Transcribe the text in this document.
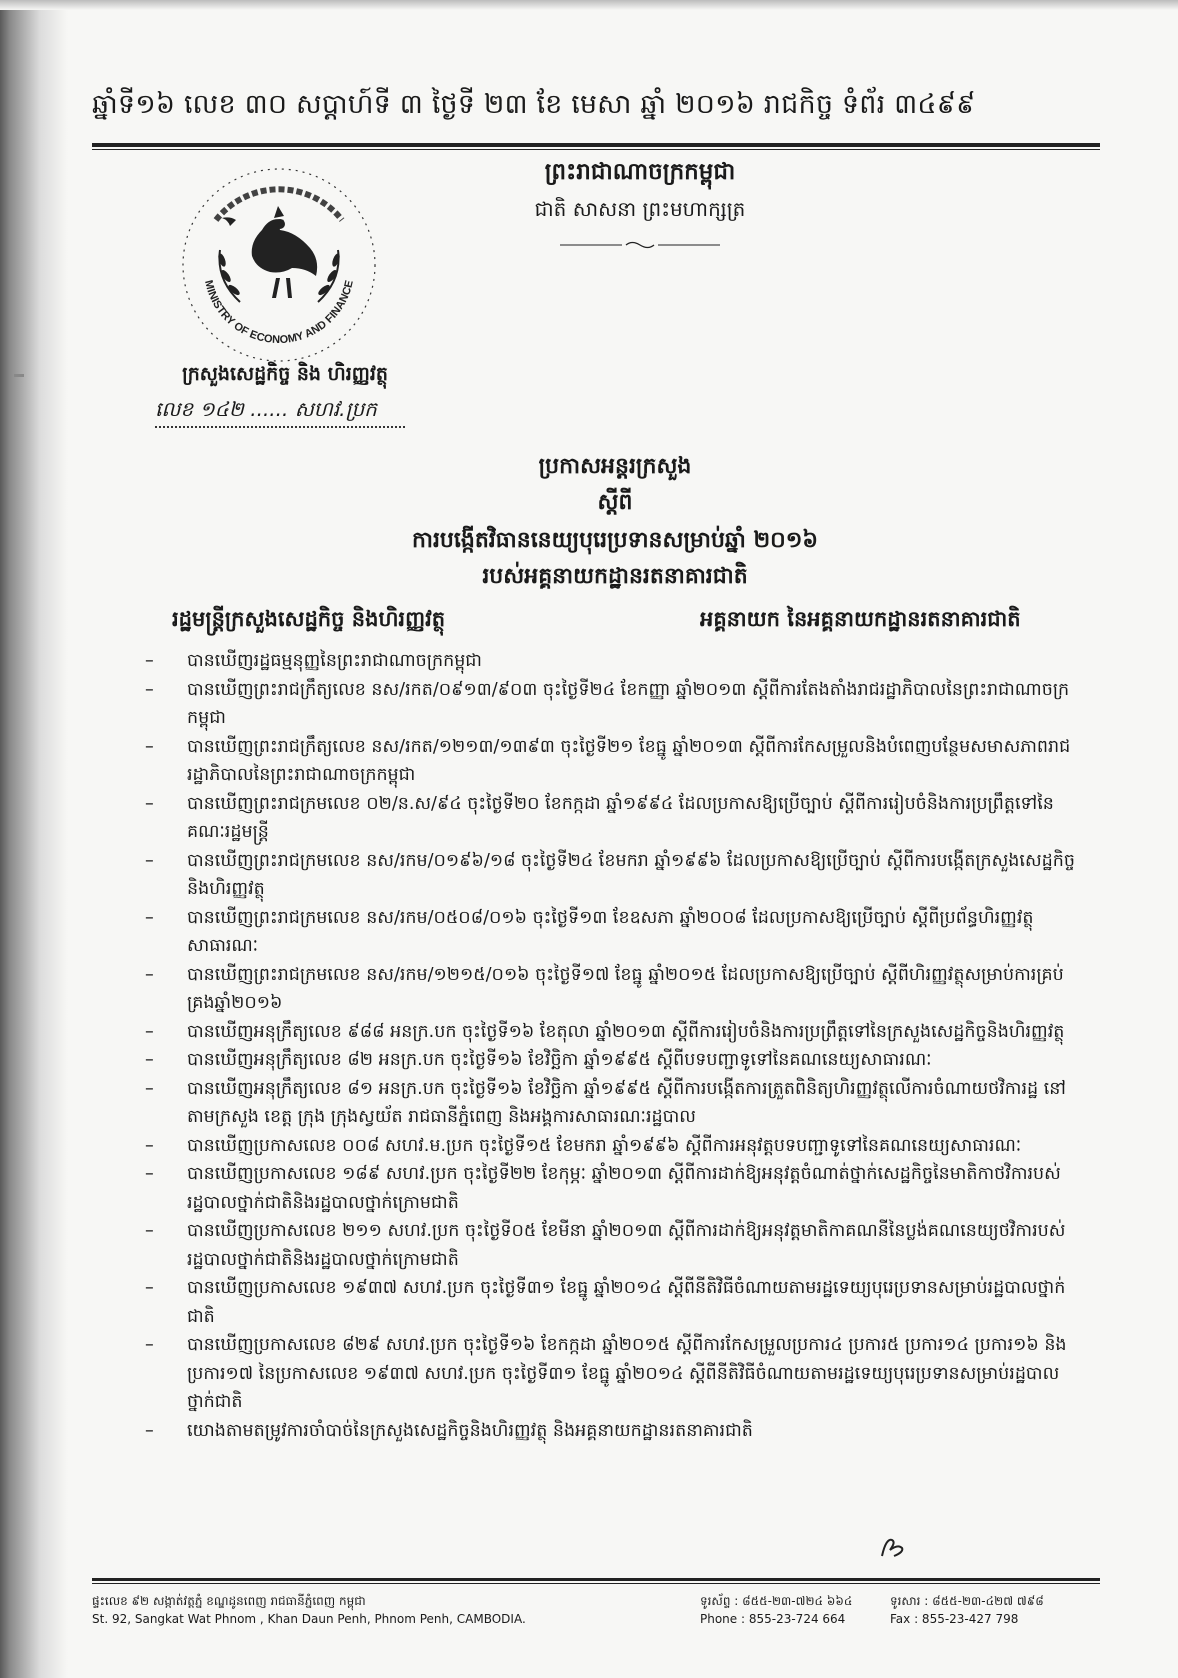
ឆ្នាំទី១៦ លេខ ៣០ សប្តាហ៍ទី ៣ ថ្ងៃទី ២៣ ខែ មេសា ឆ្នាំ ២០១៦ រាជកិច្ច ទំព័រ ៣៤៩៩
MINISTRY OF ECONOMY AND FINANCE
ព្រះរាជាណាចក្រកម្ពុជា
ជាតិ សាសនា ព្រះមហាក្សត្រ
ក្រសួងសេដ្ឋកិច្ច និង ហិរញ្ញវត្ថុ
លេខ ១៤២ ...... សហវ.ប្រក
ប្រកាសអន្តរក្រសួង
ស្តីពី
ការបង្កើតវិធាននេយ្យបុរេប្រទានសម្រាប់ឆ្នាំ ២០១៦
របស់អគ្គនាយកដ្ឋានរតនាគារជាតិ
រដ្ឋមន្ត្រីក្រសួងសេដ្ឋកិច្ច និងហិរញ្ញវត្ថុ	អគ្គនាយក នៃអគ្គនាយកដ្ឋានរតនាគារជាតិ
– បានឃើញរដ្ឋធម្មនុញ្ញនៃព្រះរាជាណាចក្រកម្ពុជា
– បានឃើញព្រះរាជក្រឹត្យលេខ នស/រកត/០៩១៣/៩០៣ ចុះថ្ងៃទី២៤ ខែកញ្ញា ឆ្នាំ២០១៣ ស្តីពីការតែងតាំងរាជរដ្ឋាភិបាលនៃព្រះរាជាណាចក្រកម្ពុជា
– បានឃើញព្រះរាជក្រឹត្យលេខ នស/រកត/១២១៣/១៣៩៣ ចុះថ្ងៃទី២១ ខែធ្នូ ឆ្នាំ២០១៣ ស្តីពីការកែសម្រួលនិងបំពេញបន្ថែមសមាសភាពរាជរដ្ឋាភិបាលនៃព្រះរាជាណាចក្រកម្ពុជា
– បានឃើញព្រះរាជក្រមលេខ ០២/ន.ស/៩៤ ចុះថ្ងៃទី២០ ខែកក្កដា ឆ្នាំ១៩៩៤ ដែលប្រកាសឱ្យប្រើច្បាប់ ស្តីពីការរៀបចំនិងការប្រព្រឹត្តទៅនៃគណៈរដ្ឋមន្ត្រី
– បានឃើញព្រះរាជក្រមលេខ នស/រកម/០១៩៦/១៨ ចុះថ្ងៃទី២៤ ខែមករា ឆ្នាំ១៩៩៦ ដែលប្រកាសឱ្យប្រើច្បាប់ ស្តីពីការបង្កើតក្រសួងសេដ្ឋកិច្ចនិងហិរញ្ញវត្ថុ
– បានឃើញព្រះរាជក្រមលេខ នស/រកម/០៥០៨/០១៦ ចុះថ្ងៃទី១៣ ខែឧសភា ឆ្នាំ២០០៨ ដែលប្រកាសឱ្យប្រើច្បាប់ ស្តីពីប្រព័ន្ធហិរញ្ញវត្ថុសាធារណៈ
– បានឃើញព្រះរាជក្រមលេខ នស/រកម/១២១៥/០១៦ ចុះថ្ងៃទី១៧ ខែធ្នូ ឆ្នាំ២០១៥ ដែលប្រកាសឱ្យប្រើច្បាប់ ស្តីពីហិរញ្ញវត្ថុសម្រាប់ការគ្រប់គ្រងឆ្នាំ២០១៦
– បានឃើញអនុក្រឹត្យលេខ ៩៨៨ អនក្រ.បក ចុះថ្ងៃទី១៦ ខែតុលា ឆ្នាំ២០១៣ ស្តីពីការរៀបចំនិងការប្រព្រឹត្តទៅនៃក្រសួងសេដ្ឋកិច្ចនិងហិរញ្ញវត្ថុ
– បានឃើញអនុក្រឹត្យលេខ ៨២ អនក្រ.បក ចុះថ្ងៃទី១៦ ខែវិច្ឆិកា ឆ្នាំ១៩៩៥ ស្តីពីបទបញ្ជាទូទៅនៃគណនេយ្យសាធារណៈ
– បានឃើញអនុក្រឹត្យលេខ ៨១ អនក្រ.បក ចុះថ្ងៃទី១៦ ខែវិច្ឆិកា ឆ្នាំ១៩៩៥ ស្តីពីការបង្កើតការត្រួតពិនិត្យហិរញ្ញវត្ថុលើការចំណាយថវិការដ្ឋ នៅតាមក្រសួង ខេត្ត ក្រុង ក្រុងស្វយ័ត រាជធានីភ្នំពេញ និងអង្គការសាធារណៈរដ្ឋបាល
– បានឃើញប្រកាសលេខ ០០៨ សហវ.ម.ប្រក ចុះថ្ងៃទី១៥ ខែមករា ឆ្នាំ១៩៩៦ ស្តីពីការអនុវត្តបទបញ្ជាទូទៅនៃគណនេយ្យសាធារណៈ
– បានឃើញប្រកាសលេខ ១៨៩ សហវ.ប្រក ចុះថ្ងៃទី២២ ខែកុម្ភៈ ឆ្នាំ២០១៣ ស្តីពីការដាក់ឱ្យអនុវត្តចំណាត់ថ្នាក់សេដ្ឋកិច្ចនៃមាតិកាថវិការបស់រដ្ឋបាលថ្នាក់ជាតិនិងរដ្ឋបាលថ្នាក់ក្រោមជាតិ
– បានឃើញប្រកាសលេខ ២១១ សហវ.ប្រក ចុះថ្ងៃទី០៥ ខែមីនា ឆ្នាំ២០១៣ ស្តីពីការដាក់ឱ្យអនុវត្តមាតិកាគណនីនៃប្លង់គណនេយ្យថវិការបស់រដ្ឋបាលថ្នាក់ជាតិនិងរដ្ឋបាលថ្នាក់ក្រោមជាតិ
– បានឃើញប្រកាសលេខ ១៩៣៧ សហវ.ប្រក ចុះថ្ងៃទី៣១ ខែធ្នូ ឆ្នាំ២០១៤ ស្តីពីនីតិវិធីចំណាយតាមរដ្ឋទេយ្យបុរេប្រទានសម្រាប់រដ្ឋបាលថ្នាក់ជាតិ
– បានឃើញប្រកាសលេខ ៨២៩ សហវ.ប្រក ចុះថ្ងៃទី១៦ ខែកក្កដា ឆ្នាំ២០១៥ ស្តីពីការកែសម្រួលប្រការ៤ ប្រការ៥ ប្រការ១៤ ប្រការ១៦ និងប្រការ១៧ នៃប្រកាសលេខ ១៩៣៧ សហវ.ប្រក ចុះថ្ងៃទី៣១ ខែធ្នូ ឆ្នាំ២០១៤ ស្តីពីនីតិវិធីចំណាយតាមរដ្ឋទេយ្យបុរេប្រទានសម្រាប់រដ្ឋបាលថ្នាក់ជាតិ
– យោងតាមតម្រូវការចាំបាច់នៃក្រសួងសេដ្ឋកិច្ចនិងហិរញ្ញវត្ថុ និងអគ្គនាយកដ្ឋានរតនាគារជាតិ
ផ្ទះលេខ ៩២ សង្កាត់វត្តភ្នំ ខណ្ឌដូនពេញ រាជធានីភ្នំពេញ កម្ពុជា
St. 92, Sangkat Wat Phnom , Khan Daun Penh, Phnom Penh, CAMBODIA.
ទូរស័ព្ទ : ៨៥៥-២៣-៧២៤ ៦៦៤	ទូរសារ : ៨៥៥-២៣-៤២៧ ៧៩៨
Phone : 855-23-724 664	Fax : 855-23-427 798
